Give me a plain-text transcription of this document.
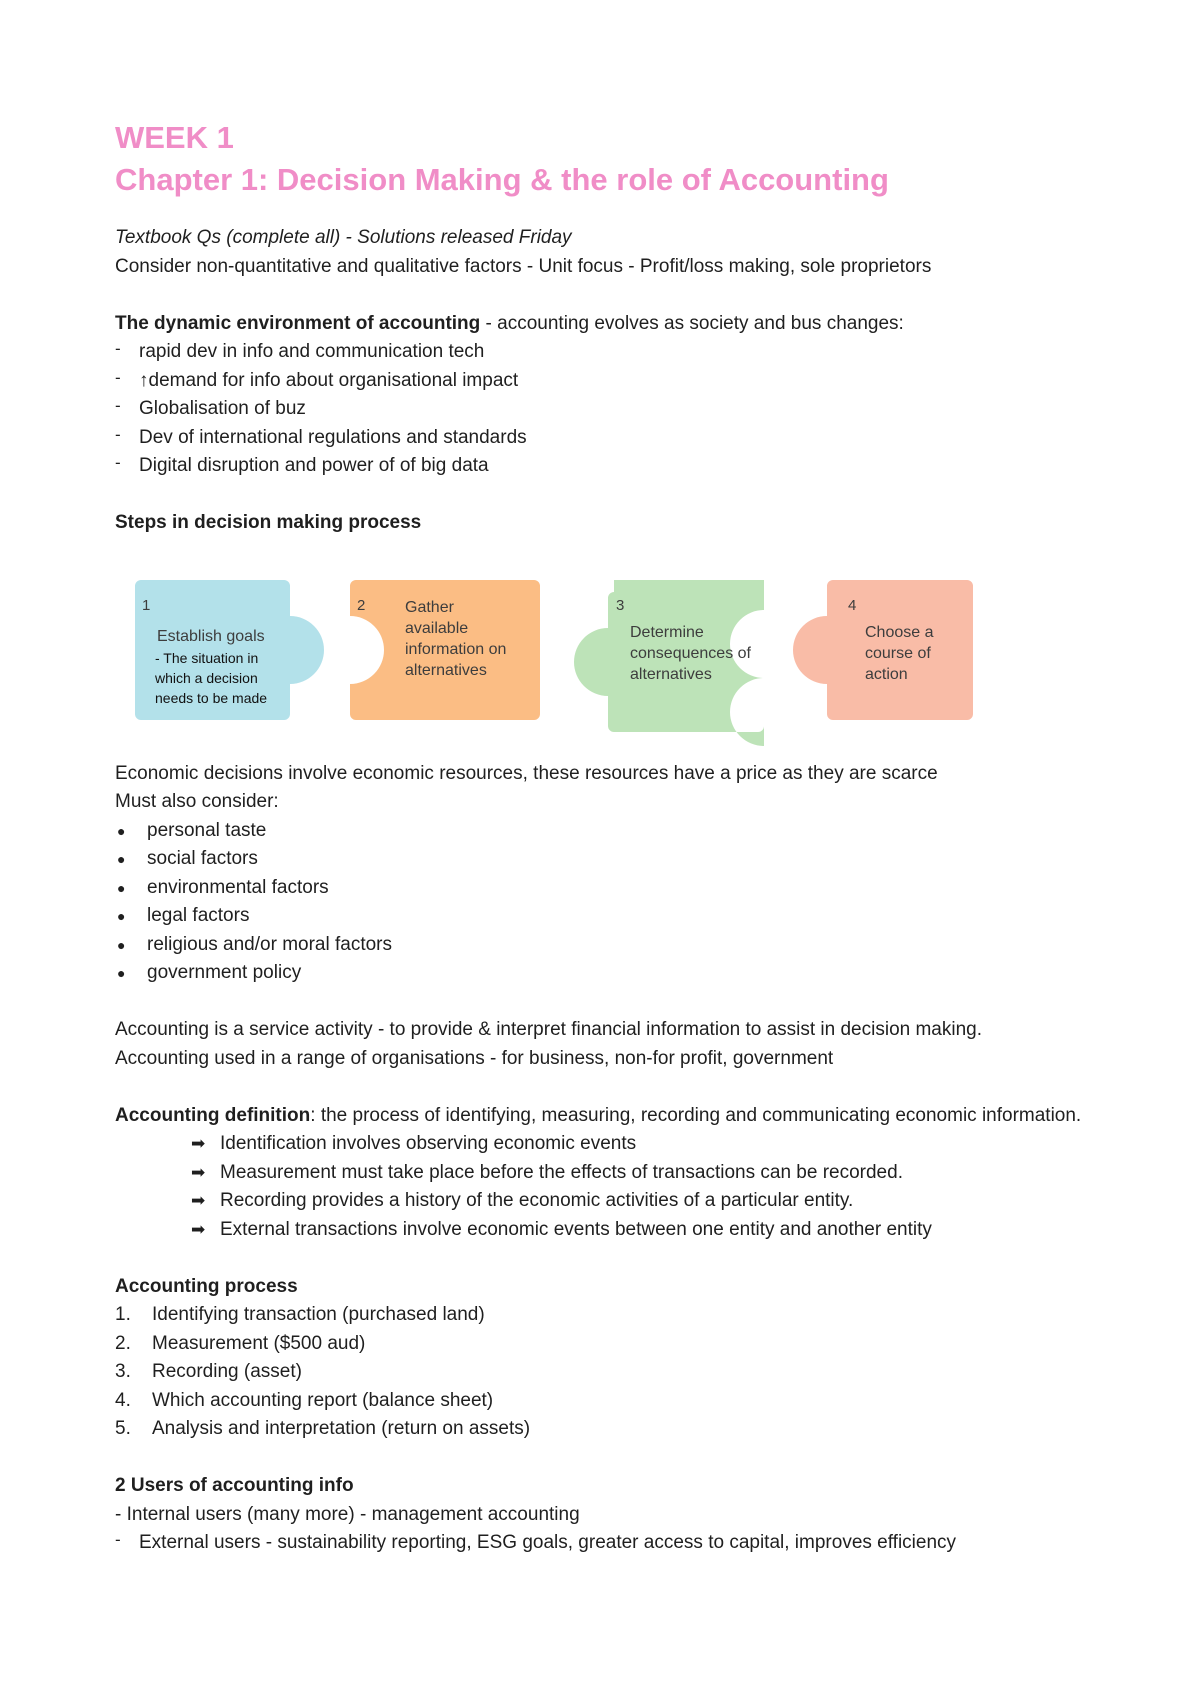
WEEK 1
Chapter 1: Decision Making & the role of Accounting

Textbook Qs (complete all) - Solutions released Friday

Consider non-quantitative and qualitative factors - Unit focus - Profit/loss making, sole proprietors

The dynamic environment of accounting - accounting evolves as society and bus changes:

- rapid dev in info and communication tech
- ↑demand for info about organisational impact
- Globalisation of buz
- Dev of international regulations and standards
- Digital disruption and power of of big data

Steps in decision making process

1
Establish goals
- The situation in which a decision needs to be made
2 Gather available information on alternatives
3
Determine consequences of alternatives
4
Choose a course of action

Economic decisions involve economic resources, these resources have a price as they are scarce

Must also consider:

● personal taste
● social factors
● environmental factors
● legal factors
● religious and/or moral factors
● government policy

Accounting is a service activity - to provide & interpret financial information to assist in decision making.

Accounting used in a range of organisations - for business, non-for profit, government

Accounting definition: the process of identifying, measuring, recording and communicating economic information.

➡ Identification involves observing economic events
➡ Measurement must take place before the effects of transactions can be recorded.
➡ Recording provides a history of the economic activities of a particular entity.
➡ External transactions involve economic events between one entity and another entity

Accounting process

1. Identifying transaction (purchased land)
2. Measurement ($500 aud)
3. Recording (asset)
4. Which accounting report (balance sheet)
5. Analysis and interpretation (return on assets)

2 Users of accounting info

- Internal users (many more) - management accounting

- External users - sustainability reporting, ESG goals, greater access to capital, improves efficiency
